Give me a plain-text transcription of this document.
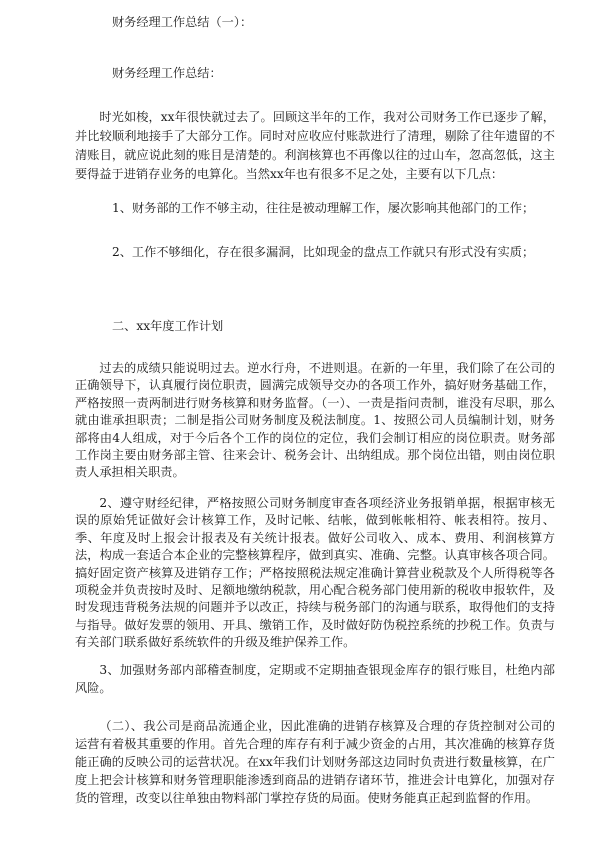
财务经理工作总结（一）：
财务经理工作总结：
时光如梭，xx年很快就过去了。回顾这半年的工作，我对公司财务工作已逐步了解，并比较顺利地接手了大部分工作。同时对应收应付账款进行了清理，剔除了往年遗留的不清账目，就应说此刻的账目是清楚的。利润核算也不再像以往的过山车，忽高忽低，这主要得益于进销存业务的电算化。当然xx年也有很多不足之处，主要有以下几点：
1、财务部的工作不够主动，往往是被动理解工作，屡次影响其他部门的工作；
2、工作不够细化，存在很多漏洞，比如现金的盘点工作就只有形式没有实质；
二、xx年度工作计划
过去的成绩只能说明过去。逆水行舟，不进则退。在新的一年里，我们除了在公司的正确领导下，认真履行岗位职责，圆满完成领导交办的各项工作外，搞好财务基础工作，严格按照一责两制进行财务核算和财务监督。（一）、一责是指问责制，谁没有尽职，那么就由谁承担职责；二制是指公司财务制度及税法制度。1、按照公司人员编制计划，财务部将由4人组成，对于今后各个工作的岗位的定位，我们会制订相应的岗位职责。财务部工作岗主要由财务部主管、往来会计、税务会计、出纳组成。那个岗位出错，则由岗位职责人承担相关职责。
2、遵守财经纪律，严格按照公司财务制度审查各项经济业务报销单据，根据审核无误的原始凭证做好会计核算工作，及时记帐、结帐，做到帐帐相符、帐表相符。按月、季、年度及时上报会计报表及有关统计报表。做好公司收入、成本、费用、利润核算方法，构成一套适合本企业的完整核算程序，做到真实、准确、完整。认真审核各项合同。搞好固定资产核算及进销存工作；严格按照税法规定准确计算营业税款及个人所得税等各项税金并负责按时及时、足额地缴纳税款，用心配合税务部门使用新的税收申报软件，及时发现违背税务法规的问题并予以改正，持续与税务部门的沟通与联系，取得他们的支持与指导。做好发票的领用、开具、缴销工作，及时做好防伪税控系统的抄税工作。负责与有关部门联系做好系统软件的升级及维护保养工作。
3、加强财务部内部稽查制度，定期或不定期抽查银现金库存的银行账目，杜绝内部风险。
（二）、我公司是商品流通企业，因此准确的进销存核算及合理的存货控制对公司的运营有着极其重要的作用。首先合理的库存有利于减少资金的占用，其次准确的核算存货能正确的反映公司的运营状况。在xx年我们计划财务部这边同时负责进行数量核算，在广度上把会计核算和财务管理职能渗透到商品的进销存诸环节，推进会计电算化，加强对存货的管理，改变以往单独由物料部门掌控存货的局面。使财务能真正起到监督的作用。
